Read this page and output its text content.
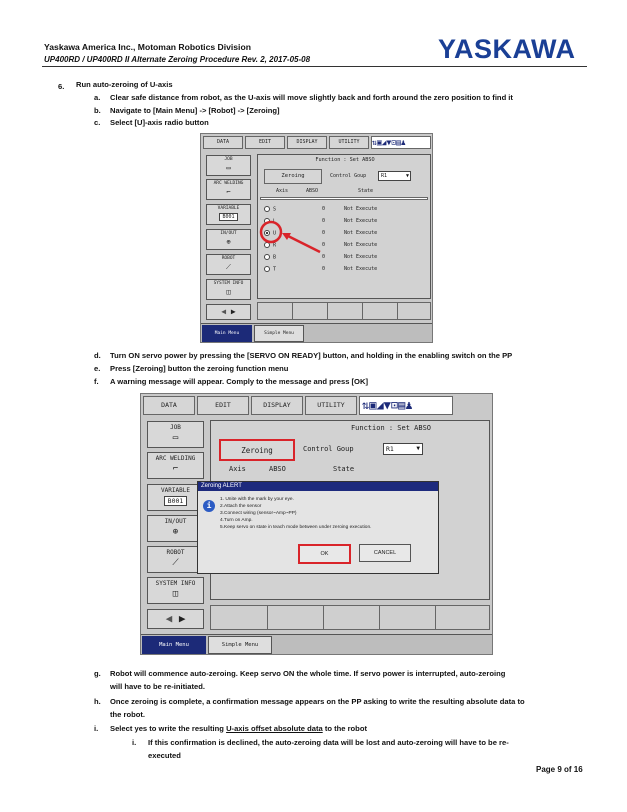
Yaskawa America Inc., Motoman Robotics Division
UP400RD / UP400RD II Alternate Zeroing Procedure Rev. 2, 2017-05-08	YASKAWA
6. Run auto-zeroing of U-axis
a. Clear safe distance from robot, as the U-axis will move slightly back and forth around the zero position to find it
b. Navigate to [Main Menu] -> [Robot] -> [Zeroing]
c. Select [U]-axis radio button
DATA	EDIT	DISPLAY	UTILITY	⇅▣◢▼⊡▤♟
JOB
▭
ARC WELDING
⌐
VARIABLE
B001
IN/OUT
⊕
ROBOT
⟋
SYSTEM INFO
◫
◀ ▶
Function : Set ABSO
Zeroing	Control Goup	R1	▼
Axis	ABSO	State
S	0	Not Execute
L	0	Not Execute
U	0	Not Execute
R	0	Not Execute
B	0	Not Execute
T	0	Not Execute
Main Menu	Simple Menu
d. Turn ON servo power by pressing the [SERVO ON READY] button, and holding in the enabling switch on the PP
e. Press [Zeroing] button the zeroing function menu
f. A warning message will appear. Comply to the message and press [OK]
DATA	EDIT	DISPLAY	UTILITY	⇅▣◢▼⊡▤♟
JOB
▭
ARC WELDING
⌐
VARIABLE
B001
IN/OUT
⊕
ROBOT
⟋
SYSTEM INFO
◫
◀ ▶
Function : Set ABSO
Zeroing	Control Goup	R1	▼
Axis	ABSO	State
Zeroing ALERT
i
1. Unite with the mark by your eye.
2.Attach the sensor
3.Connect wiring (sensor~Amp~PP)
4.Turn on Amp.
5.Keep servo on state in teach mode between under zeroing execution.
OK	CANCEL
Main Menu	Simple Menu
g. Robot will commence auto-zeroing. Keep servo ON the whole time. If servo power is interrupted, auto-zeroing
will have to be re-initiated.
h. Once zeroing is complete, a confirmation message appears on the PP asking to write the resulting absolute data to
the robot.
i. Select yes to write the resulting U-axis offset absolute data to the robot
i. If this confirmation is declined, the auto-zeroing data will be lost and auto-zeroing will have to be re-
executed
Page 9 of 16
